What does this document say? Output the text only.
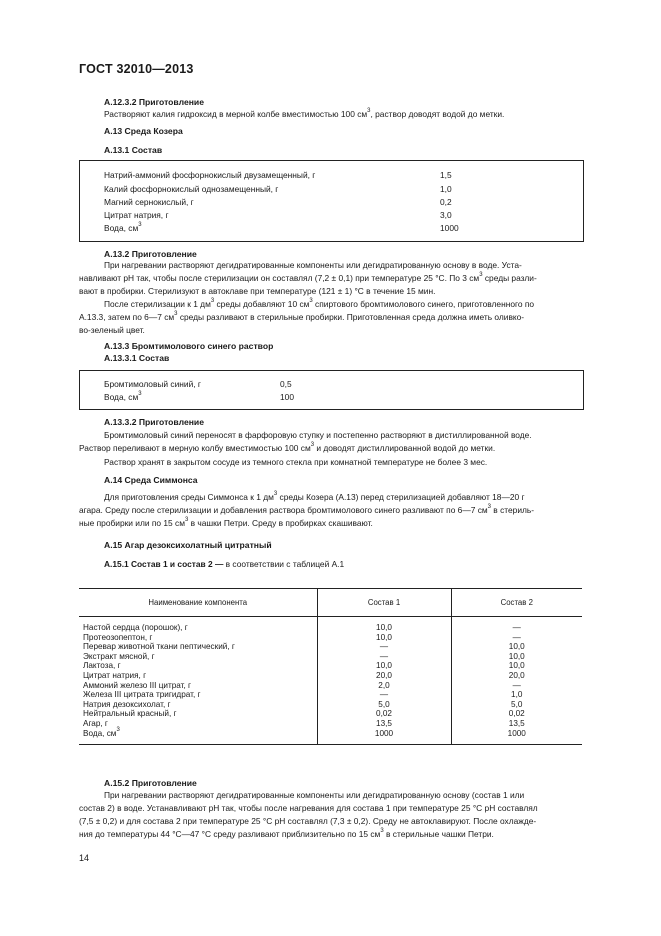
ГОСТ 32010—2013
А.12.3.2 Приготовление
Растворяют калия гидроксид в мерной колбе вместимостью 100 $см^3$, раствор доводят водой до метки.
А.13 Среда Козера
А.13.1 Состав
Натрий-аммоний фосфорнокислый двузамещенный, г	1,5
Калий фосфорнокислый однозамещенный, г	1,0
Магний сернокислый, г	0,2
Цитрат натрия, г	3,0
Вода, $см^3$	1000
А.13.2 Приготовление
При нагревании растворяют дегидратированные компоненты или дегидратированную основу в воде. Уста-
навливают pH так, чтобы после стерилизации он составлял (7,2 ± 0,1) при температуре 25 °С. По 3 $см^3$ среды разли-
вают в пробирки. Стерилизуют в автоклаве при температуре (121 ± 1) °С в течение 15 мин.
После стерилизации к 1 $дм^3$ среды добавляют 10 $см^3$ спиртового бромтимолового синего, приготовленного по
А.13.3, затем по 6—7 $см^3$ среды разливают в стерильные пробирки. Приготовленная среда должна иметь оливко-
во-зеленый цвет.
А.13.3 Бромтимолового синего раствор
А.13.3.1 Состав
Бромтимоловый синий, г	0,5
Вода, $см^3$	100
А.13.3.2 Приготовление
Бромтимоловый синий переносят в фарфоровую ступку и постепенно растворяют в дистиллированной воде.
Раствор переливают в мерную колбу вместимостью 100 $см^3$ и доводят дистиллированной водой до метки.
Раствор хранят в закрытом сосуде из темного стекла при комнатной температуре не более 3 мес.
А.14 Среда Симмонса
Для приготовления среды Симмонса к 1 $дм^3$ среды Козера (А.13) перед стерилизацией добавляют 18—20 г
агара. Среду после стерилизации и добавления раствора бромтимолового синего разливают по 6—7 $см^3$ в стериль-
ные пробирки или по 15 $см^3$ в чашки Петри. Среду в пробирках скашивают.
А.15 Агар дезоксихолатный цитратный
А.15.1 Состав 1 и состав 2 — в соответствии с таблицей А.1
Наименование компонента	Состав 1	Состав 2
Настой сердца (порошок), г	10,0	—
Протеозопептон, г	10,0	—
Перевар животной ткани пептический, г	—	10,0
Экстракт мясной, г	—	10,0
Лактоза, г	10,0	10,0
Цитрат натрия, г	20,0	20,0
Аммоний железо III цитрат, г	2,0	—
Железа III цитрата тригидрат, г	—	1,0
Натрия дезоксихолат, г	5,0	5,0
Нейтральный красный, г	0,02	0,02
Агар, г	13,5	13,5
Вода, $см^3$	1000	1000
А.15.2 Приготовление
При нагревании растворяют дегидратированные компоненты или дегидратированную основу (состав 1 или
состав 2) в воде. Устанавливают pH так, чтобы после нагревания для состава 1 при температуре 25 °С pH составлял
(7,5 ± 0,2) и для состава 2 при температуре 25 °С pH составлял (7,3 ± 0,2). Среду не автоклавируют. После охлажде-
ния до температуры 44 °С—47 °С среду разливают приблизительно по 15 $см^3$ в стерильные чашки Петри.
14
